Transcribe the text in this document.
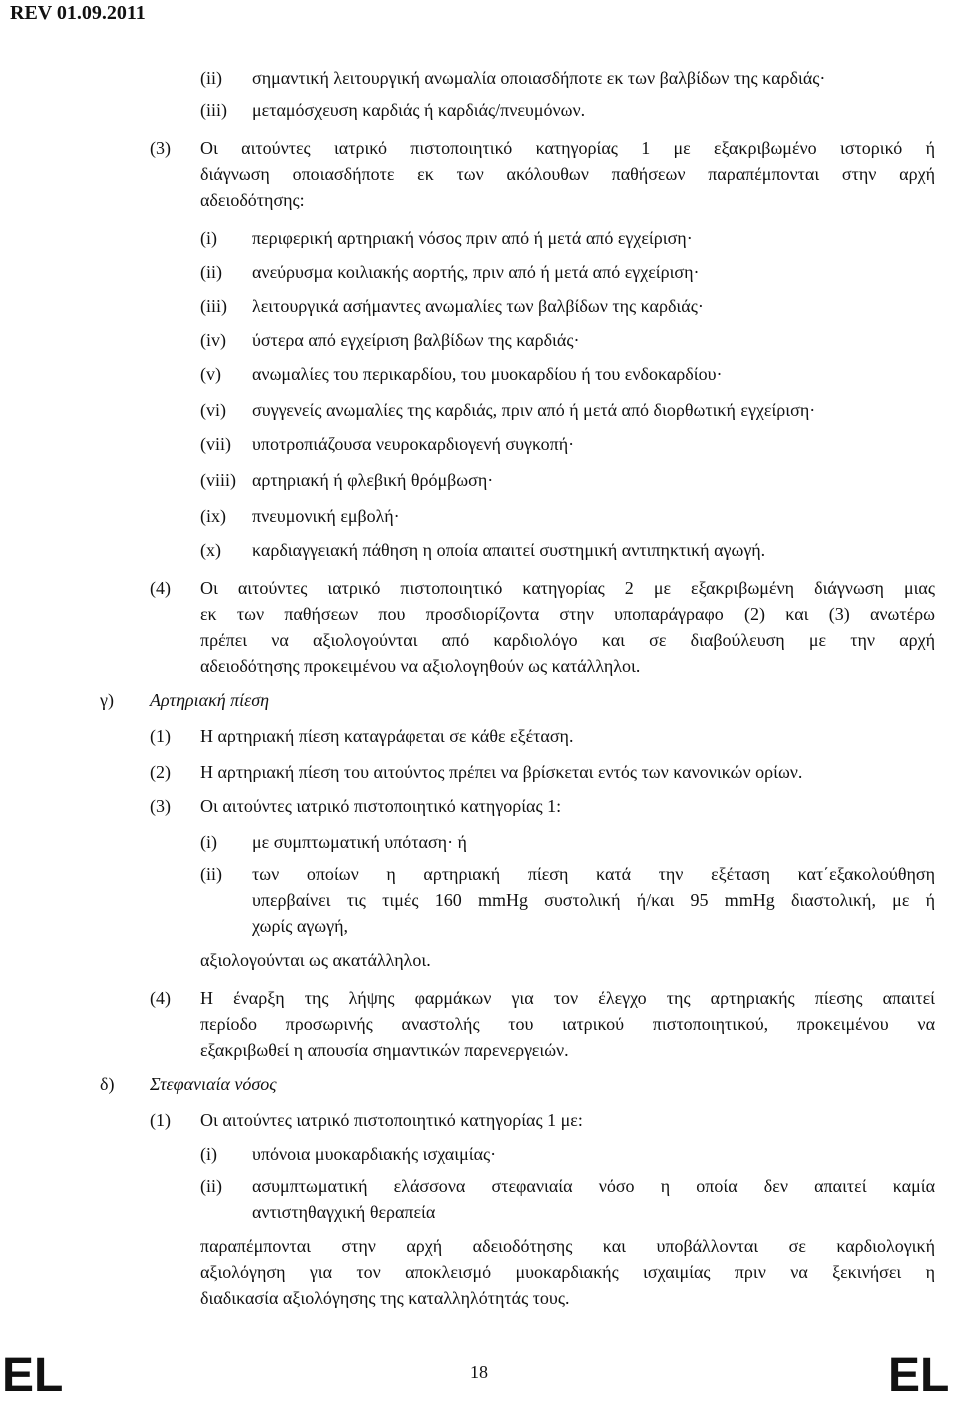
REV 01.09.2011
(ii) σημαντική λειτουργική ανωμαλία οποιασδήποτε εκ των βαλβίδων της καρδιάς·
(iii) μεταμόσχευση καρδιάς ή καρδιάς/πνευμόνων.
(3) Οι αιτούντες ιατρικό πιστοποιητικό κατηγορίας 1 με εξακριβωμένο ιστορικό ή
διάγνωση οποιασδήποτε εκ των ακόλουθων παθήσεων παραπέμπονται στην αρχή
αδειοδότησης:
(i) περιφερική αρτηριακή νόσος πριν από ή μετά από εγχείριση·
(ii) ανεύρυσμα κοιλιακής αορτής, πριν από ή μετά από εγχείριση·
(iii) λειτουργικά ασήμαντες ανωμαλίες των βαλβίδων της καρδιάς·
(iv) ύστερα από εγχείριση βαλβίδων της καρδιάς·
(v) ανωμαλίες του περικαρδίου, του μυοκαρδίου ή του ενδοκαρδίου·
(vi) συγγενείς ανωμαλίες της καρδιάς, πριν από ή μετά από διορθωτική εγχείριση·
(vii) υποτροπιάζουσα νευροκαρδιογενή συγκοπή·
(viii) αρτηριακή ή φλεβική θρόμβωση·
(ix) πνευμονική εμβολή·
(x) καρδιαγγειακή πάθηση η οποία απαιτεί συστημική αντιπηκτική αγωγή.
(4) Οι αιτούντες ιατρικό πιστοποιητικό κατηγορίας 2 με εξακριβωμένη διάγνωση μιας
εκ των παθήσεων που προσδιορίζοντα στην υποπαράγραφο (2) και (3) ανωτέρω
πρέπει να αξιολογούνται από καρδιολόγο και σε διαβούλευση με την αρχή
αδειοδότησης προκειμένου να αξιολογηθούν ως κατάλληλοι.
γ) Αρτηριακή πίεση
(1) Η αρτηριακή πίεση καταγράφεται σε κάθε εξέταση.
(2) Η αρτηριακή πίεση του αιτούντος πρέπει να βρίσκεται εντός των κανονικών ορίων.
(3) Οι αιτούντες ιατρικό πιστοποιητικό κατηγορίας 1:
(i) με συμπτωματική υπόταση· ή
(ii) των οποίων η αρτηριακή πίεση κατά την εξέταση κατ΄εξακολούθηση
υπερβαίνει τις τιμές 160 mmHg συστολική ή/και 95 mmHg διαστολική, με ή
χωρίς αγωγή,
αξιολογούνται ως ακατάλληλοι.
(4) Η έναρξη της λήψης φαρμάκων για τον έλεγχο της αρτηριακής πίεσης απαιτεί
περίοδο προσωρινής αναστολής του ιατρικού πιστοποιητικού, προκειμένου να
εξακριβωθεί η απουσία σημαντικών παρενεργειών.
δ) Στεφανιαία νόσος
(1) Οι αιτούντες ιατρικό πιστοποιητικό κατηγορίας 1 με:
(i) υπόνοια μυοκαρδιακής ισχαιμίας·
(ii) ασυμπτωματική ελάσσονα στεφανιαία νόσο η οποία δεν απαιτεί καμία
αντιστηθαγχική θεραπεία
παραπέμπονται στην αρχή αδειοδότησης και υποβάλλονται σε καρδιολογική
αξιολόγηση για τον αποκλεισμό μυοκαρδιακής ισχαιμίας πριν να ξεκινήσει η
διαδικασία αξιολόγησης της καταλληλότητάς τους.
EL	18	EL
